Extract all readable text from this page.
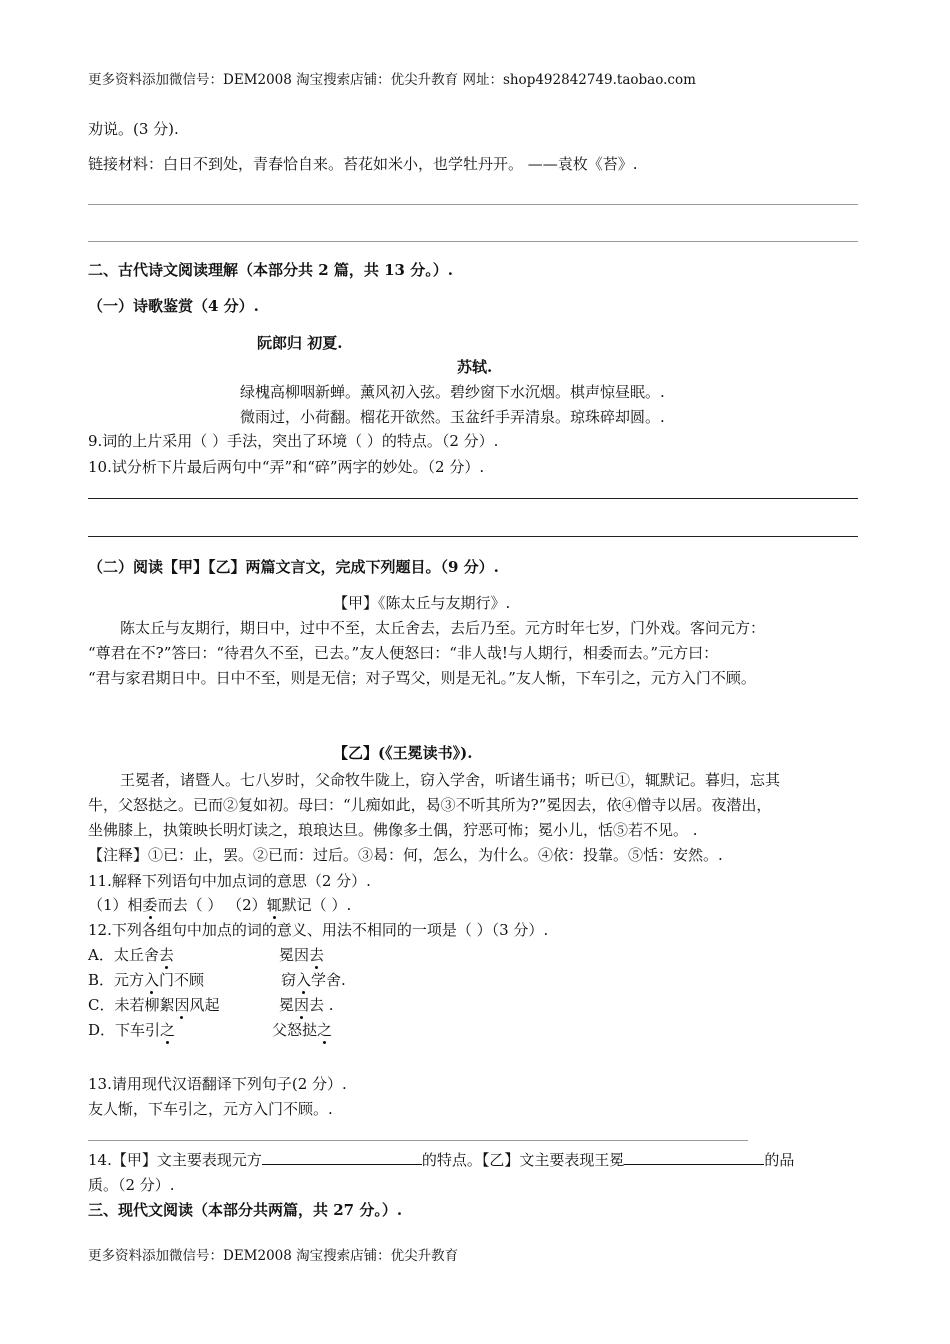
更多资料添加微信号：DEM2008 淘宝搜索店铺：优尖升教育 网址：shop492842749.taobao.com
劝说。(3 分).
链接材料：白日不到处，青春恰自来。苔花如米小，也学牡丹开。 ——袁枚《苔》.
二、古代诗文阅读理解（本部分共 2 篇，共 13 分。）.
（一）诗歌鉴赏（4 分）.
阮郎归 初夏.
苏轼.
绿槐高柳咽新蝉。薰风初入弦。碧纱窗下水沉烟。棋声惊昼眠。.
微雨过，小荷翻。榴花开欲然。玉盆纤手弄清泉。琼珠碎却圆。.
9.词的上片采用（ ）手法，突出了环境（ ）的特点。（2 分）.
10.试分析下片最后两句中“弄”和“碎”两字的妙处。（2 分）.
（二）阅读【甲】【乙】两篇文言文，完成下列题目。（9 分）.
【甲】《陈太丘与友期行》.
陈太丘与友期行，期日中，过中不至，太丘舍去，去后乃至。元方时年七岁，门外戏。客问元方：
“尊君在不?”答曰：“待君久不至，已去。”友人便怒曰：“非人哉!与人期行，相委而去。”元方曰：
“君与家君期日中。日中不至，则是无信；对子骂父，则是无礼。”友人惭，下车引之，元方入门不顾。
【乙】(《王冕读书》).
王冕者，诸暨人。七八岁时，父命牧牛陇上，窃入学舍，听诸生诵书；听已①，辄默记。暮归，忘其
牛，父怒挞之。已而②复如初。母曰：“儿痴如此，曷③不听其所为?”冕因去，依④僧寺以居。夜潜出，
坐佛膝上，执策映长明灯读之，琅琅达旦。佛像多土偶，狞恶可怖；冕小儿，恬⑤若不见。 .
【注释】①已：止，罢。②已而：过后。③曷：何，怎么，为什么。④依：投靠。⑤恬：安然。.
11.解释下列语句中加点词的意思（2 分）.
（1）相委而去（ ） （2）辄默记（ ）.
12.下列各组句中加点的词的意义、用法不相同的一项是（ ）（3 分）.
A．太丘舍去	冕因去
B．元方入门不顾	窃入学舍.
C．未若柳絮因风起	冕因去 .
D．下车引之	父怒挞之
13.请用现代汉语翻译下列句子(2 分）.
友人惭，下车引之，元方入门不顾。.
14.【甲】文主要表现元方	的特点。【乙】文主要表现王冕	的品
质。（2 分）.
三、现代文阅读（本部分共两篇，共 27 分。）.
更多资料添加微信号：DEM2008 淘宝搜索店铺：优尖升教育
